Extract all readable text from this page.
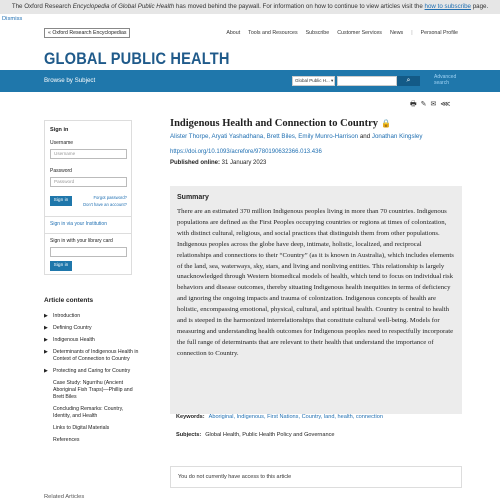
The Oxford Research Encyclopedia of Global Public Health has moved behind the paywall. For information on how to continue to view articles visit the how to subscribe page.
Dismiss
« Oxford Research Encyclopedias	About Tools and Resources Subscribe Customer Services News | Personal Profile
GLOBAL PUBLIC HEALTH
Browse by Subject	Global Public H... ▾	⌕	Advanced search
🖶 ✎ ✉ ⋘
Sign in
Username
Username
Password
Password
Sign in
Forgot password?
Don't have an account?
Sign in via your Institution
Sign in with your library card
Sign in
Article contents
▶ Introduction
▶ Defining Country
▶ Indigenous Health
▶ Determinants of Indigenous Health in Context of Connection to Country
▶ Protecting and Caring for Country
Case Study: Ngurrihu (Ancient Aboriginal Fish Traps)—Phillip and Brett Biles
Concluding Remarks: Country, Identity, and Health
Links to Digital Materials
References
Related Articles
Indigenous Health and Connection to Country 🔒
Alister Thorpe, Aryati Yashadhana, Brett Biles, Emily Munro-Harrison and Jonathan Kingsley
https://doi.org/10.1093/acrefore/9780190632366.013.436
Published online: 31 January 2023
Summary
There are an estimated 370 million Indigenous peoples living in more than 70 countries. Indigenous populations are defined as the First Peoples occupying countries or regions at times of colonization, with distinct cultural, religious, and social practices that distinguish them from other populations. Indigenous peoples across the globe have deep, intimate, holistic, localized, and reciprocal relationships and connections to their “Country” (as it is known in Australia), which includes elements of the land, sea, waterways, sky, stars, and living and nonliving entities. This relationship is largely unacknowledged through Western biomedical models of health, which tend to focus on individual risk behaviors and disease outcomes, thereby situating Indigenous health inequities in terms of deficiency and ignoring the ongoing impacts and trauma of colonization. Indigenous concepts of health are holistic, encompassing emotional, physical, cultural, and spiritual health. Country is central to health and is steeped in the harmonized interrelationships that constitute cultural well-being. Models for measuring and understanding health outcomes for Indigenous peoples need to respectfully incorporate the full range of determinants that are relevant to their health that understand the importance of connection to Country.
Keywords: Aboriginal, Indigenous, First Nations, Country, land, health, connection
Subjects: Global Health, Public Health Policy and Governance
You do not currently have access to this article
